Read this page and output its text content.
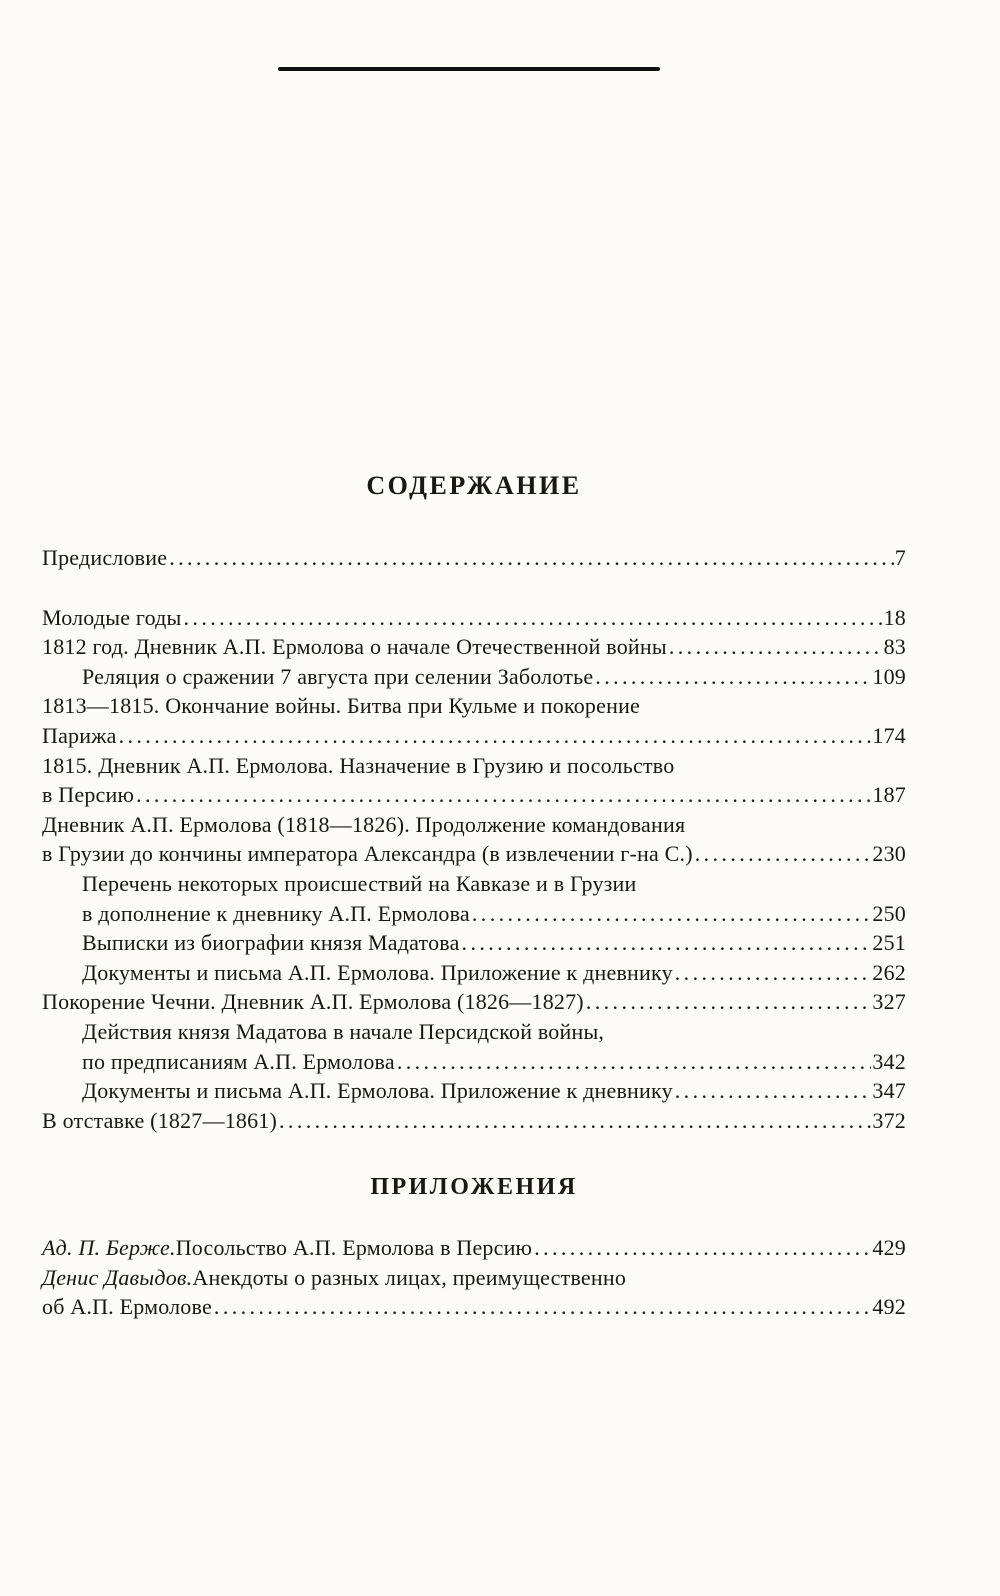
СОДЕРЖАНИЕ
Предисловие .....	7
Молодые годы .....	18
1812 год. Дневник А.П. Ермолова о начале Отечественной войны .....	83
Реляция о сражении 7 августа при селении Заболотье .....	109
1813—1815. Окончание войны. Битва при Кульме и покорение
Парижа .....	174
1815. Дневник А.П. Ермолова. Назначение в Грузию и посольство
в Персию .....	187
Дневник А.П. Ермолова (1818—1826). Продолжение командования
в Грузии до кончины императора Александра (в извлечении г-на С.) .....	230
Перечень некоторых происшествий на Кавказе и в Грузии
в дополнение к дневнику А.П. Ермолова .....	250
Выписки из биографии князя Мадатова .....	251
Документы и письма А.П. Ермолова. Приложение к дневнику .....	262
Покорение Чечни. Дневник А.П. Ермолова (1826—1827) .....	327
Действия князя Мадатова в начале Персидской войны,
по предписаниям А.П. Ермолова .....	342
Документы и письма А.П. Ермолова. Приложение к дневнику .....	347
В отставке (1827—1861) .....	372
ПРИЛОЖЕНИЯ
Ад. П. Берже. Посольство А.П. Ермолова в Персию .....	429
Денис Давыдов. Анекдоты о разных лицах, преимущественно
об А.П. Ермолове .....	492
